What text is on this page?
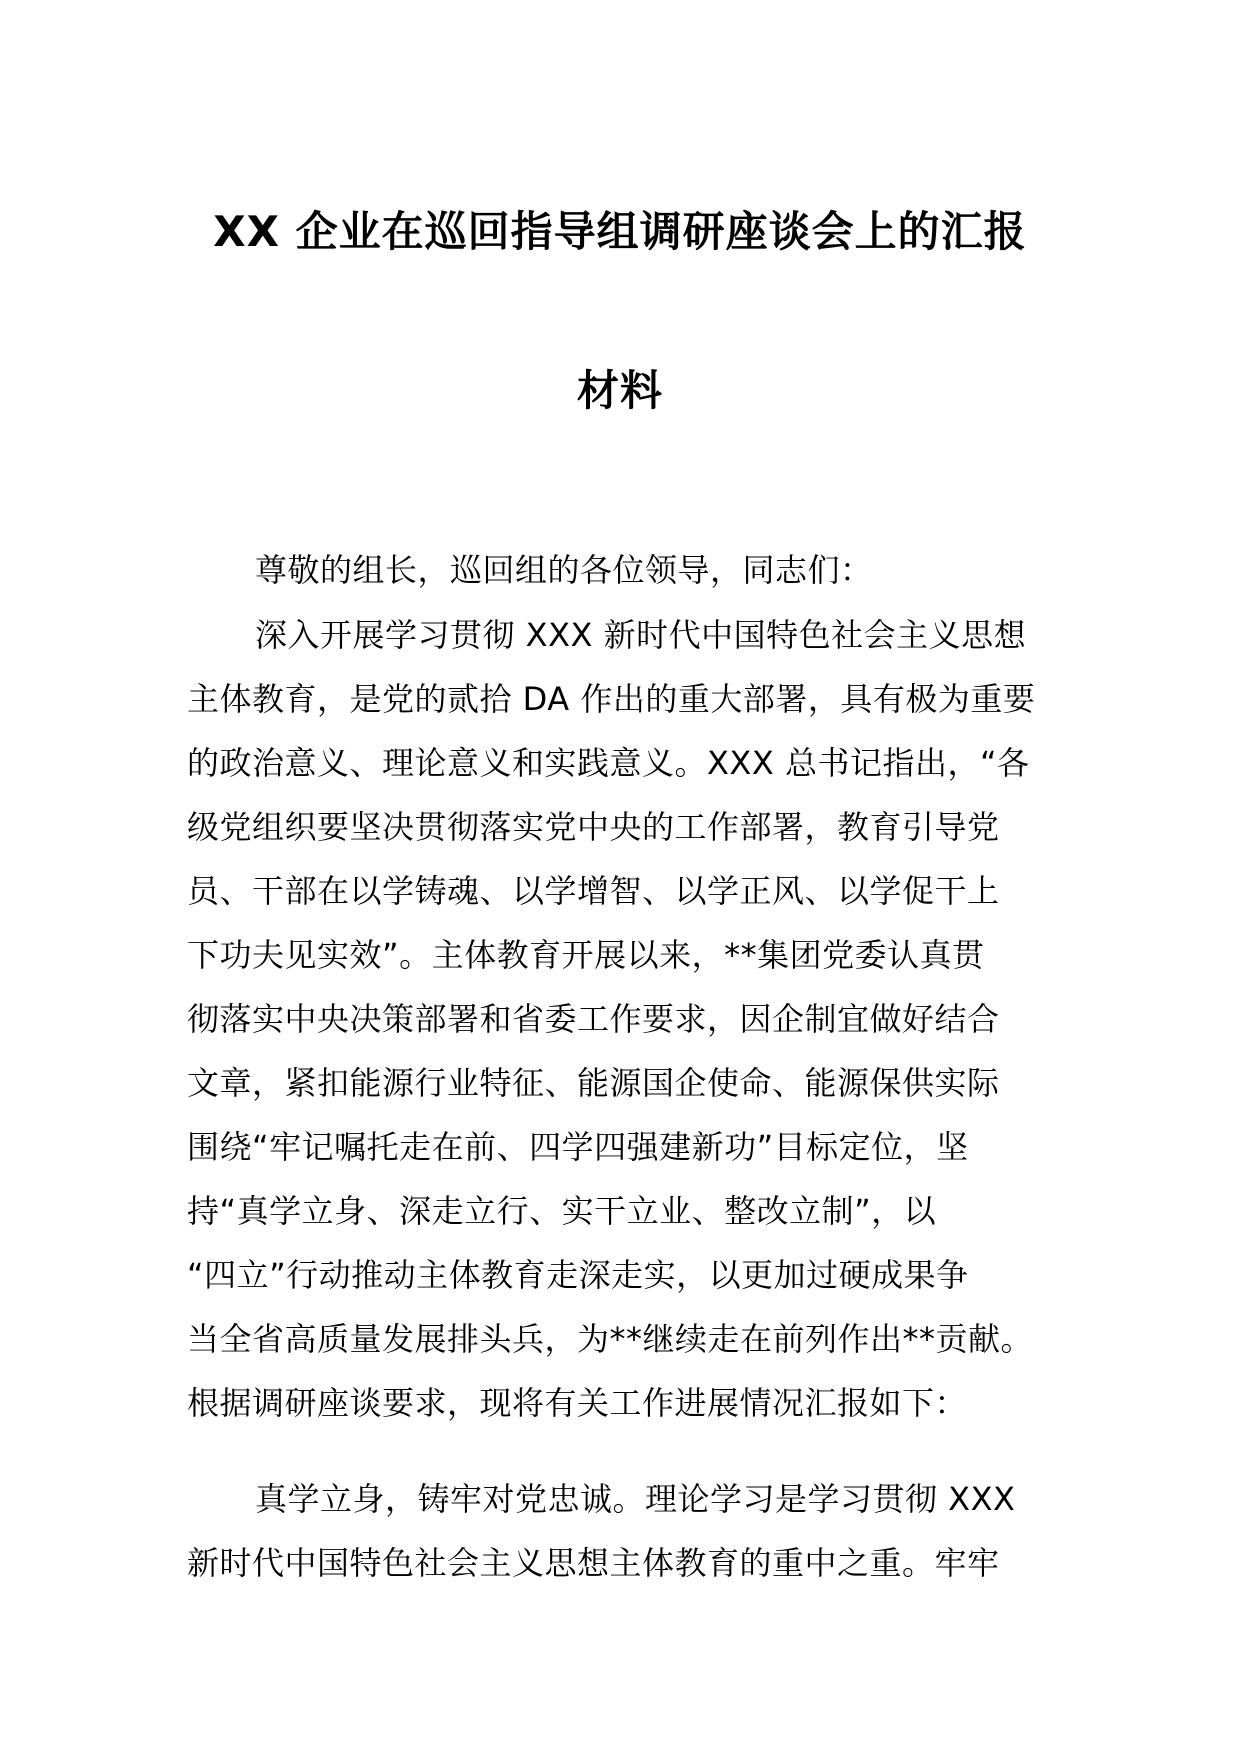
XX 企业在巡回指导组调研座谈会上的汇报
材料
尊敬的组长，巡回组的各位领导，同志们：
深入开展学习贯彻 XXX 新时代中国特色社会主义思想
主体教育，是党的贰拾 DA 作出的重大部署，具有极为重要
的政治意义、理论意义和实践意义。XXX 总书记指出，“各
级党组织要坚决贯彻落实党中央的工作部署，教育引导党
员、干部在以学铸魂、以学增智、以学正风、以学促干上
下功夫见实效”。主体教育开展以来，**集团党委认真贯
彻落实中央决策部署和省委工作要求，因企制宜做好结合
文章，紧扣能源行业特征、能源国企使命、能源保供实际
围绕“牢记嘱托走在前、四学四强建新功”目标定位，坚
持“真学立身、深走立行、实干立业、整改立制”，以
“四立”行动推动主体教育走深走实，以更加过硬成果争
当全省高质量发展排头兵，为**继续走在前列作出**贡献。
根据调研座谈要求，现将有关工作进展情况汇报如下：
真学立身，铸牢对党忠诚。理论学习是学习贯彻 XXX
新时代中国特色社会主义思想主体教育的重中之重。牢牢
